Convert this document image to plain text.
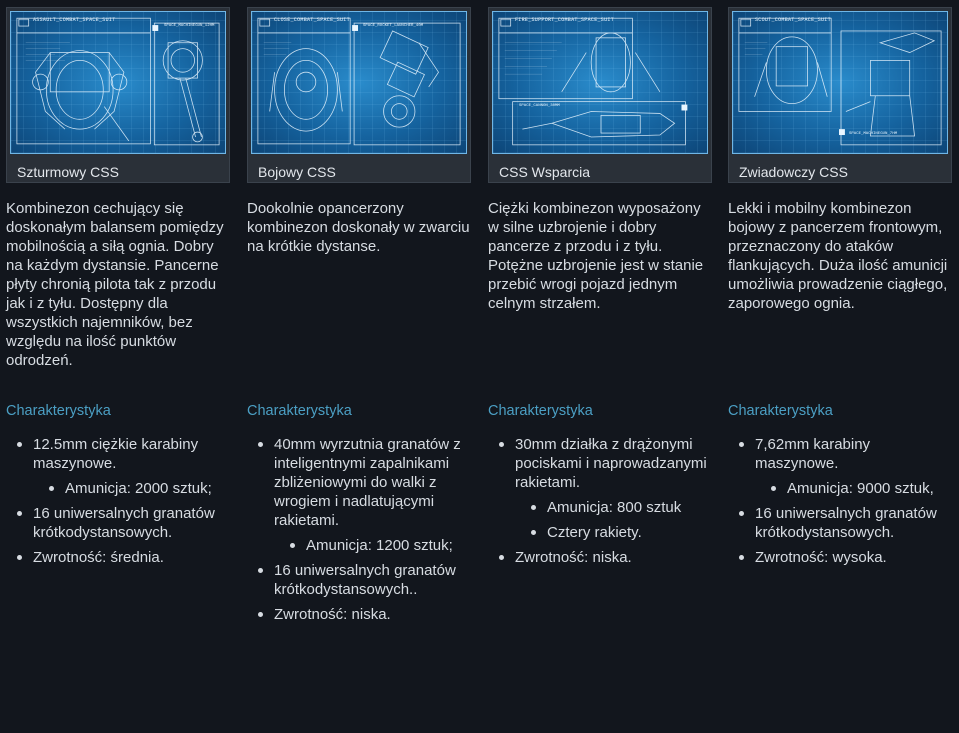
ASSAULT_COMBAT_SPACE_SUIT
SPACE_MACHINEGUN_12HM
Szturmowy CSS
Kombinezon cechujący się doskonałym balansem pomiędzy mobilnością a siłą ognia. Dobry na każdym dystansie. Pancerne płyty chronią pilota tak z przodu jak i z tyłu. Dostępny dla wszystkich najemników, bez względu na ilość punktów odrodzeń.
Charakterystyka
12.5mm ciężkie karabiny maszynowe.
Amunicja: 2000 sztuk;
16 uniwersalnych granatów krótkodystansowych.
Zwrotność: średnia.
CLOSE_COMBAT_SPACE_SUIT
SPACE_ROCKET_LAUNCHER_40M
Bojowy CSS
Dookolnie opancerzony kombinezon doskonały w zwarciu na krótkie dystanse.
Charakterystyka
40mm wyrzutnia granatów z inteligentnymi zapalnikami zbliżeniowymi do walki z wrogiem i nadlatującymi rakietami.
Amunicja: 1200 sztuk;
16 uniwersalnych granatów krótkodystansowych..
Zwrotność: niska.
FIRE_SUPPORT_COMBAT_SPACE_SUIT
SPACE_CANNON_30MM
CSS Wsparcia
Ciężki kombinezon wyposażony w silne uzbrojenie i dobry pancerze z przodu i z tyłu. Potężne uzbrojenie jest w stanie przebić wrogi pojazd jednym celnym strzałem.
Charakterystyka
30mm działka z drążonymi pociskami i naprowadzanymi rakietami.
Amunicja: 800 sztuk
Cztery rakiety.
Zwrotność: niska.
SCOUT_COMBAT_SPACE_SUIT
SPACE_MACHINEGUN_7HM
Zwiadowczy CSS
Lekki i mobilny kombinezon bojowy z pancerzem frontowym, przeznaczony do ataków flankujących. Duża ilość amunicji umożliwia prowadzenie ciągłego, zaporowego ognia.
Charakterystyka
7,62mm karabiny maszynowe.
Amunicja: 9000 sztuk,
16 uniwersalnych granatów krótkodystansowych.
Zwrotność: wysoka.
